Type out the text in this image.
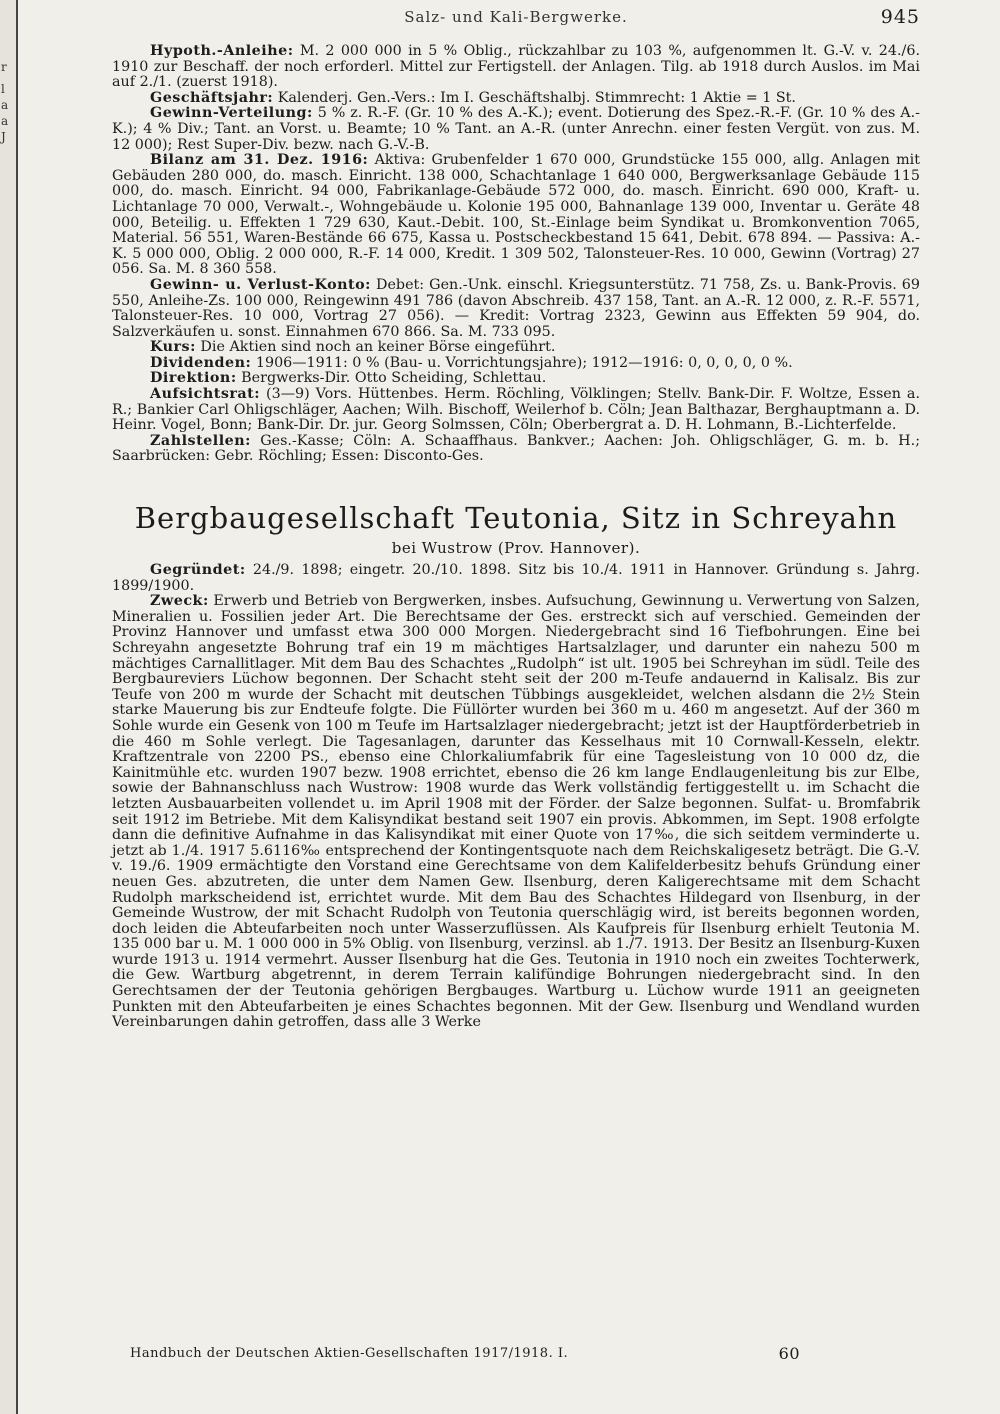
r
l
a
a
J
Salz- und Kali-Bergwerke.	945

Hypoth.-Anleihe: M. 2 000 000 in 5 % Oblig., rückzahlbar zu 103 %, aufgenommen lt. G.-V. v. 24./6. 1910 zur Beschaff. der noch erforderl. Mittel zur Fertigstell. der Anlagen. Tilg. ab 1918 durch Auslos. im Mai auf 2./1. (zuerst 1918).

Geschäftsjahr: Kalenderj. Gen.-Vers.: Im I. Geschäftshalbj. Stimmrecht: 1 Aktie = 1 St.

Gewinn-Verteilung: 5 % z. R.-F. (Gr. 10 % des A.-K.); event. Dotierung des Spez.-R.-F. (Gr. 10 % des A.-K.); 4 % Div.; Tant. an Vorst. u. Beamte; 10 % Tant. an A.-R. (unter Anrechn. einer festen Vergüt. von zus. M. 12 000); Rest Super-Div. bezw. nach G.-V.-B.

Bilanz am 31. Dez. 1916: Aktiva: Grubenfelder 1 670 000, Grundstücke 155 000, allg. Anlagen mit Gebäuden 280 000, do. masch. Einricht. 138 000, Schachtanlage 1 640 000, Bergwerksanlage Gebäude 115 000, do. masch. Einricht. 94 000, Fabrikanlage-Gebäude 572 000, do. masch. Einricht. 690 000, Kraft- u. Lichtanlage 70 000, Verwalt.-, Wohngebäude u. Kolonie 195 000, Bahnanlage 139 000, Inventar u. Geräte 48 000, Beteilig. u. Effekten 1 729 630, Kaut.-Debit. 100, St.-Einlage beim Syndikat u. Bromkonvention 7065, Material. 56 551, Waren-Bestände 66 675, Kassa u. Postscheckbestand 15 641, Debit. 678 894. — Passiva: A.-K. 5 000 000, Oblig. 2 000 000, R.-F. 14 000, Kredit. 1 309 502, Talonsteuer-Res. 10 000, Gewinn (Vortrag) 27 056. Sa. M. 8 360 558.

Gewinn- u. Verlust-Konto: Debet: Gen.-Unk. einschl. Kriegsunterstütz. 71 758, Zs. u. Bank-Provis. 69 550, Anleihe-Zs. 100 000, Reingewinn 491 786 (davon Abschreib. 437 158, Tant. an A.-R. 12 000, z. R.-F. 5571, Talonsteuer-Res. 10 000, Vortrag 27 056). — Kredit: Vortrag 2323, Gewinn aus Effekten 59 904, do. Salzverkäufen u. sonst. Einnahmen 670 866. Sa. M. 733 095.

Kurs: Die Aktien sind noch an keiner Börse eingeführt.

Dividenden: 1906—1911: 0 % (Bau- u. Vorrichtungsjahre); 1912—1916: 0, 0, 0, 0, 0 %.

Direktion: Bergwerks-Dir. Otto Scheiding, Schlettau.

Aufsichtsrat: (3—9) Vors. Hüttenbes. Herm. Röchling, Völklingen; Stellv. Bank-Dir. F. Woltze, Essen a. R.; Bankier Carl Ohligschläger, Aachen; Wilh. Bischoff, Weilerhof b. Cöln; Jean Balthazar, Berghauptmann a. D. Heinr. Vogel, Bonn; Bank-Dir. Dr. jur. Georg Solmssen, Cöln; Oberbergrat a. D. H. Lohmann, B.-Lichterfelde.

Zahlstellen: Ges.-Kasse; Cöln: A. Schaaffhaus. Bankver.; Aachen: Joh. Ohligschläger, G. m. b. H.; Saarbrücken: Gebr. Röchling; Essen: Disconto-Ges.

Bergbaugesellschaft Teutonia, Sitz in Schreyahn
bei Wustrow (Prov. Hannover).

Gegründet: 24./9. 1898; eingetr. 20./10. 1898. Sitz bis 10./4. 1911 in Hannover. Gründung s. Jahrg. 1899/1900.

Zweck: Erwerb und Betrieb von Bergwerken, insbes. Aufsuchung, Gewinnung u. Verwertung von Salzen, Mineralien u. Fossilien jeder Art. Die Berechtsame der Ges. erstreckt sich auf verschied. Gemeinden der Provinz Hannover und umfasst etwa 300 000 Morgen. Niedergebracht sind 16 Tiefbohrungen. Eine bei Schreyahn angesetzte Bohrung traf ein 19 m mächtiges Hartsalzlager, und darunter ein nahezu 500 m mächtiges Carnallitlager. Mit dem Bau des Schachtes „Rudolph“ ist ult. 1905 bei Schreyhan im südl. Teile des Bergbaureviers Lüchow begonnen. Der Schacht steht seit der 200 m-Teufe andauernd in Kalisalz. Bis zur Teufe von 200 m wurde der Schacht mit deutschen Tübbings ausgekleidet, welchen alsdann die 2½ Stein starke Mauerung bis zur Endteufe folgte. Die Füllörter wurden bei 360 m u. 460 m angesetzt. Auf der 360 m Sohle wurde ein Gesenk von 100 m Teufe im Hartsalzlager niedergebracht; jetzt ist der Hauptförderbetrieb in die 460 m Sohle verlegt. Die Tagesanlagen, darunter das Kesselhaus mit 10 Cornwall-Kesseln, elektr. Kraftzentrale von 2200 PS., ebenso eine Chlorkaliumfabrik für eine Tagesleistung von 10 000 dz, die Kainitmühle etc. wurden 1907 bezw. 1908 errichtet, ebenso die 26 km lange Endlaugenleitung bis zur Elbe, sowie der Bahnanschluss nach Wustrow: 1908 wurde das Werk vollständig fertiggestellt u. im Schacht die letzten Ausbauarbeiten vollendet u. im April 1908 mit der Förder. der Salze begonnen. Sulfat- u. Bromfabrik seit 1912 im Betriebe. Mit dem Kalisyndikat bestand seit 1907 ein provis. Abkommen, im Sept. 1908 erfolgte dann die definitive Aufnahme in das Kalisyndikat mit einer Quote von 17‰, die sich seitdem verminderte u. jetzt ab 1./4. 1917 5.6116‰ entsprechend der Kontingentsquote nach dem Reichskaligesetz beträgt. Die G.-V. v. 19./6. 1909 ermächtigte den Vorstand eine Gerechtsame von dem Kalifelderbesitz behufs Gründung einer neuen Ges. abzutreten, die unter dem Namen Gew. Ilsenburg, deren Kaligerechtsame mit dem Schacht Rudolph markscheidend ist, errichtet wurde. Mit dem Bau des Schachtes Hildegard von Ilsenburg, in der Gemeinde Wustrow, der mit Schacht Rudolph von Teutonia querschlägig wird, ist bereits begonnen worden, doch leiden die Abteufarbeiten noch unter Wasserzuflüssen. Als Kaufpreis für Ilsenburg erhielt Teutonia M. 135 000 bar u. M. 1 000 000 in 5% Oblig. von Ilsenburg, verzinsl. ab 1./7. 1913. Der Besitz an Ilsenburg-Kuxen wurde 1913 u. 1914 vermehrt. Ausser Ilsenburg hat die Ges. Teutonia in 1910 noch ein zweites Tochterwerk, die Gew. Wartburg abgetrennt, in derem Terrain kalifündige Bohrungen niedergebracht sind. In den Gerechtsamen der der Teutonia gehörigen Bergbauges. Wartburg u. Lüchow wurde 1911 an geeigneten Punkten mit den Abteufarbeiten je eines Schachtes begonnen. Mit der Gew. Ilsenburg und Wendland wurden Vereinbarungen dahin getroffen, dass alle 3 Werke

Handbuch der Deutschen Aktien-Gesellschaften 1917/1918. I.	60
